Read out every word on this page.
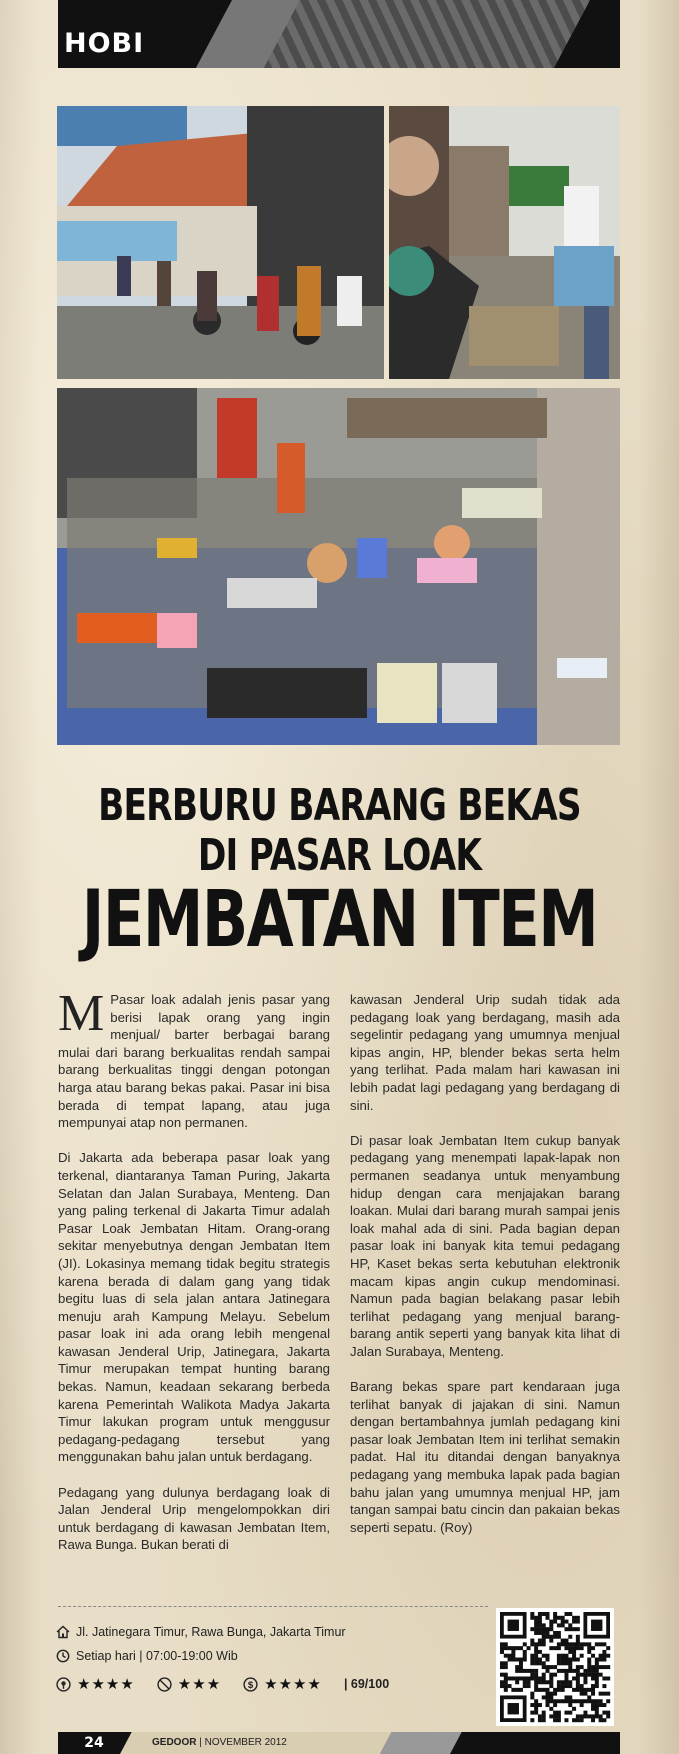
HOBI
BERBURU BARANG BEKAS
DI PASAR LOAK
JEMBATAN ITEM

M Pasar loak adalah jenis pasar yang berisi lapak orang yang ingin menjual/ barter berbagai barang mulai dari barang berkualitas rendah sampai barang berkualitas tinggi dengan potongan harga atau barang bekas pakai. Pasar ini bisa berada di tempat lapang, atau juga mempunyai atap non permanen.

Di Jakarta ada beberapa pasar loak yang terkenal, diantaranya Taman Puring, Jakarta Selatan dan Jalan Surabaya, Menteng. Dan yang paling terkenal di Jakarta Timur adalah Pasar Loak Jembatan Hitam. Orang-orang sekitar menyebutnya dengan Jembatan Item (JI). Lokasinya memang tidak begitu strategis karena berada di dalam gang yang tidak begitu luas di sela jalan antara Jatinegara menuju arah Kampung Melayu. Sebelum pasar loak ini ada orang lebih mengenal kawasan Jenderal Urip, Jatinegara, Jakarta Timur merupakan tempat hunting barang bekas. Namun, keadaan sekarang berbeda karena Pemerintah Walikota Madya Jakarta Timur lakukan program untuk menggusur pedagang-pedagang tersebut yang menggunakan bahu jalan untuk berdagang.

Pedagang yang dulunya berdagang loak di Jalan Jenderal Urip mengelompokkan diri untuk berdagang di kawasan Jembatan Item, Rawa Bunga. Bukan berati di

kawasan Jenderal Urip sudah tidak ada pedagang loak yang berdagang, masih ada segelintir pedagang yang umumnya menjual kipas angin, HP, blender bekas serta helm yang terlihat. Pada malam hari kawasan ini lebih padat lagi pedagang yang berdagang di sini.

Di pasar loak Jembatan Item cukup banyak pedagang yang menempati lapak-lapak non permanen seadanya untuk menyambung hidup dengan cara menjajakan barang loakan. Mulai dari barang murah sampai jenis loak mahal ada di sini. Pada bagian depan pasar loak ini banyak kita temui pedagang HP, Kaset bekas serta kebutuhan elektronik macam kipas angin cukup mendominasi. Namun pada bagian belakang pasar lebih terlihat pedagang yang menjual barang-barang antik seperti yang banyak kita lihat di Jalan Surabaya, Menteng.

Barang bekas spare part kendaraan juga terlihat banyak di jajakan di sini. Namun dengan bertambahnya jumlah pedagang kini pasar loak Jembatan Item ini terlihat semakin padat. Hal itu ditandai dengan banyaknya pedagang yang membuka lapak pada bagian bahu jalan yang umumnya menjual HP, jam tangan sampai batu cincin dan pakaian bekas seperti sepatu. (Roy)

Jl. Jatinegara Timur, Rawa Bunga, Jakarta Timur
Setiap hari | 07:00-19:00 Wib
★★★★	★★★	$ ★★★★ | 69/100
24	GEDOOR | NOVEMBER 2012
